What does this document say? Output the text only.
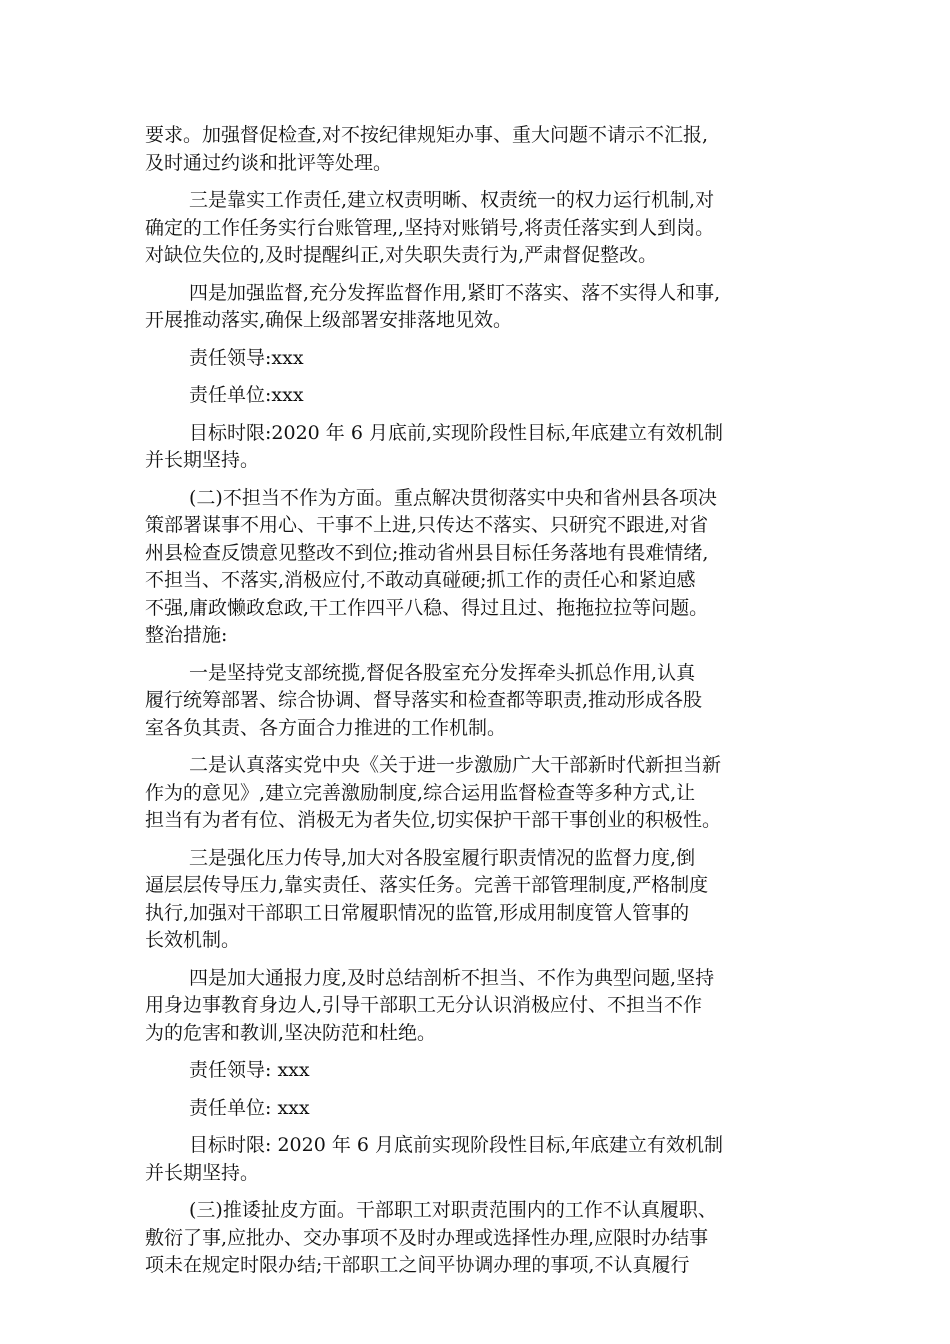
要求。加强督促检查,对不按纪律规矩办事、重大问题不请示不汇报,
及时通过约谈和批评等处理。

三是靠实工作责任,建立权责明晰、权责统一的权力运行机制,对
确定的工作任务实行台账管理,,坚持对账销号,将责任落实到人到岗。
对缺位失位的,及时提醒纠正,对失职失责行为,严肃督促整改。

四是加强监督,充分发挥监督作用,紧盯不落实、落不实得人和事,
开展推动落实,确保上级部署安排落地见效。

责任领导:xxx

责任单位:xxx

目标时限:2020 年 6 月底前,实现阶段性目标,年底建立有效机制
并长期坚持。

(二)不担当不作为方面。重点解决贯彻落实中央和省州县各项决
策部署谋事不用心、干事不上进,只传达不落实、只研究不跟进,对省
州县检查反馈意见整改不到位;推动省州县目标任务落地有畏难情绪,
不担当、不落实,消极应付,不敢动真碰硬;抓工作的责任心和紧迫感
不强,庸政懒政怠政,干工作四平八稳、得过且过、拖拖拉拉等问题。
整治措施:

一是坚持党支部统揽,督促各股室充分发挥牵头抓总作用,认真
履行统筹部署、综合协调、督导落实和检查都等职责,推动形成各股
室各负其责、各方面合力推进的工作机制。

二是认真落实党中央《关于进一步激励广大干部新时代新担当新
作为的意见》,建立完善激励制度,综合运用监督检查等多种方式,让
担当有为者有位、消极无为者失位,切实保护干部干事创业的积极性。

三是强化压力传导,加大对各股室履行职责情况的监督力度,倒
逼层层传导压力,靠实责任、落实任务。完善干部管理制度,严格制度
执行,加强对干部职工日常履职情况的监管,形成用制度管人管事的
长效机制。

四是加大通报力度,及时总结剖析不担当、不作为典型问题,坚持
用身边事教育身边人,引导干部职工无分认识消极应付、不担当不作
为的危害和教训,坚决防范和杜绝。

责任领导: xxx

责任单位: xxx

目标时限: 2020 年 6 月底前实现阶段性目标,年底建立有效机制
并长期坚持。

(三)推诿扯皮方面。干部职工对职责范围内的工作不认真履职、
敷衍了事,应批办、交办事项不及时办理或选择性办理,应限时办结事
项未在规定时限办结;干部职工之间平协调办理的事项,不认真履行
